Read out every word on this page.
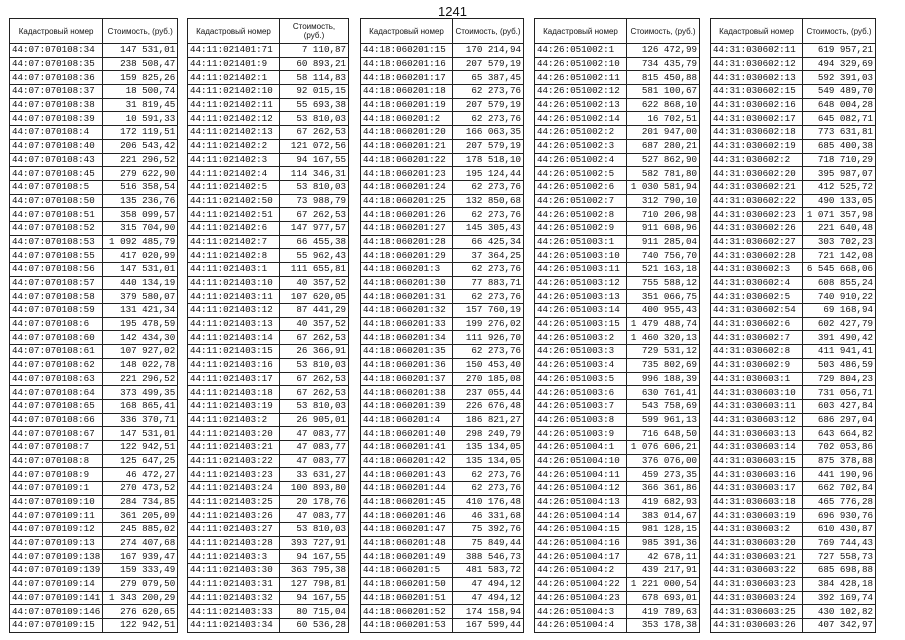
1241
Кадастровый номер	Стоимость, (руб.)
44:07:070108:34	147 531,01
44:07:070108:35	238 508,47
44:07:070108:36	159 825,26
44:07:070108:37	18 500,74
44:07:070108:38	31 819,45
44:07:070108:39	10 591,33
44:07:070108:4	172 119,51
44:07:070108:40	206 543,42
44:07:070108:43	221 296,52
44:07:070108:45	279 622,90
44:07:070108:5	516 358,54
44:07:070108:50	135 236,76
44:07:070108:51	358 099,57
44:07:070108:52	315 704,90
44:07:070108:53	1 092 485,79
44:07:070108:55	417 020,99
44:07:070108:56	147 531,01
44:07:070108:57	440 134,19
44:07:070108:58	379 580,07
44:07:070108:59	131 421,34
44:07:070108:6	195 478,59
44:07:070108:60	142 434,30
44:07:070108:61	107 927,02
44:07:070108:62	148 022,78
44:07:070108:63	221 296,52
44:07:070108:64	373 499,35
44:07:070108:65	168 865,41
44:07:070108:66	336 370,71
44:07:070108:67	147 531,01
44:07:070108:7	122 942,51
44:07:070108:8	125 647,25
44:07:070108:9	46 472,27
44:07:070109:1	270 473,52
44:07:070109:10	284 734,85
44:07:070109:11	361 205,09
44:07:070109:12	245 885,02
44:07:070109:13	274 407,68
44:07:070109:138	167 939,47
44:07:070109:139	159 333,49
44:07:070109:14	279 079,50
44:07:070109:141	1 343 200,29
44:07:070109:146	276 620,65
44:07:070109:15	122 942,51
Кадастровый номер	Стоимость, (руб.)
44:11:021401:71	7 110,87
44:11:021401:9	60 893,21
44:11:021402:1	58 114,83
44:11:021402:10	92 015,15
44:11:021402:11	55 693,38
44:11:021402:12	53 810,03
44:11:021402:13	67 262,53
44:11:021402:2	121 072,56
44:11:021402:3	94 167,55
44:11:021402:4	114 346,31
44:11:021402:5	53 810,03
44:11:021402:50	73 988,79
44:11:021402:51	67 262,53
44:11:021402:6	147 977,57
44:11:021402:7	66 455,38
44:11:021402:8	55 962,43
44:11:021403:1	111 655,81
44:11:021403:10	40 357,52
44:11:021403:11	107 620,05
44:11:021403:12	87 441,29
44:11:021403:13	40 357,52
44:11:021403:14	67 262,53
44:11:021403:15	26 366,91
44:11:021403:16	53 810,03
44:11:021403:17	67 262,53
44:11:021403:18	67 262,53
44:11:021403:19	53 810,03
44:11:021403:2	26 905,01
44:11:021403:20	47 083,77
44:11:021403:21	47 083,77
44:11:021403:22	47 083,77
44:11:021403:23	33 631,27
44:11:021403:24	100 893,80
44:11:021403:25	20 178,76
44:11:021403:26	47 083,77
44:11:021403:27	53 810,03
44:11:021403:28	393 727,91
44:11:021403:3	94 167,55
44:11:021403:30	363 795,38
44:11:021403:31	127 798,81
44:11:021403:32	94 167,55
44:11:021403:33	80 715,04
44:11:021403:34	60 536,28
Кадастровый номер	Стоимость, (руб.)
44:18:060201:15	170 214,94
44:18:060201:16	207 579,19
44:18:060201:17	65 387,45
44:18:060201:18	62 273,76
44:18:060201:19	207 579,19
44:18:060201:2	62 273,76
44:18:060201:20	166 063,35
44:18:060201:21	207 579,19
44:18:060201:22	178 518,10
44:18:060201:23	195 124,44
44:18:060201:24	62 273,76
44:18:060201:25	132 850,68
44:18:060201:26	62 273,76
44:18:060201:27	145 305,43
44:18:060201:28	66 425,34
44:18:060201:29	37 364,25
44:18:060201:3	62 273,76
44:18:060201:30	77 883,71
44:18:060201:31	62 273,76
44:18:060201:32	157 760,19
44:18:060201:33	199 276,02
44:18:060201:34	111 926,70
44:18:060201:35	62 273,76
44:18:060201:36	150 453,40
44:18:060201:37	270 185,08
44:18:060201:38	237 055,44
44:18:060201:39	226 676,48
44:18:060201:4	186 821,27
44:18:060201:40	298 249,79
44:18:060201:41	135 134,05
44:18:060201:42	135 134,05
44:18:060201:43	62 273,76
44:18:060201:44	62 273,76
44:18:060201:45	410 176,48
44:18:060201:46	46 331,68
44:18:060201:47	75 392,76
44:18:060201:48	75 849,44
44:18:060201:49	388 546,73
44:18:060201:5	481 583,72
44:18:060201:50	47 494,12
44:18:060201:51	47 494,12
44:18:060201:52	174 158,94
44:18:060201:53	167 599,44
Кадастровый номер	Стоимость, (руб.)
44:26:051002:1	126 472,99
44:26:051002:10	734 435,79
44:26:051002:11	815 450,88
44:26:051002:12	581 100,67
44:26:051002:13	622 868,10
44:26:051002:14	16 702,51
44:26:051002:2	201 947,00
44:26:051002:3	687 280,21
44:26:051002:4	527 862,90
44:26:051002:5	582 781,80
44:26:051002:6	1 030 581,94
44:26:051002:7	312 790,10
44:26:051002:8	710 206,98
44:26:051002:9	911 608,96
44:26:051003:1	911 285,04
44:26:051003:10	740 756,70
44:26:051003:11	521 163,18
44:26:051003:12	755 588,12
44:26:051003:13	351 066,75
44:26:051003:14	400 955,43
44:26:051003:15	1 479 488,74
44:26:051003:2	1 460 320,13
44:26:051003:3	729 531,12
44:26:051003:4	735 802,69
44:26:051003:5	996 188,39
44:26:051003:6	630 761,41
44:26:051003:7	543 758,69
44:26:051003:8	599 961,13
44:26:051003:9	716 648,50
44:26:051004:1	1 076 606,21
44:26:051004:10	376 076,00
44:26:051004:11	459 273,35
44:26:051004:12	366 361,86
44:26:051004:13	419 682,93
44:26:051004:14	383 014,67
44:26:051004:15	981 128,15
44:26:051004:16	985 391,36
44:26:051004:17	42 678,11
44:26:051004:2	439 217,91
44:26:051004:22	1 221 000,54
44:26:051004:23	678 693,01
44:26:051004:3	419 789,63
44:26:051004:4	353 178,38
Кадастровый номер	Стоимость, (руб.)
44:31:030602:11	619 957,21
44:31:030602:12	494 329,69
44:31:030602:13	592 391,03
44:31:030602:15	549 489,70
44:31:030602:16	648 004,28
44:31:030602:17	645 082,71
44:31:030602:18	773 631,81
44:31:030602:19	685 400,38
44:31:030602:2	718 710,29
44:31:030602:20	395 987,07
44:31:030602:21	412 525,72
44:31:030602:22	490 133,05
44:31:030602:23	1 071 357,98
44:31:030602:26	221 640,48
44:31:030602:27	303 702,23
44:31:030602:28	721 142,08
44:31:030602:3	6 545 668,06
44:31:030602:4	608 855,24
44:31:030602:5	740 910,22
44:31:030602:54	69 168,94
44:31:030602:6	602 427,79
44:31:030602:7	391 490,42
44:31:030602:8	411 941,41
44:31:030602:9	503 486,59
44:31:030603:1	729 804,23
44:31:030603:10	731 056,71
44:31:030603:11	603 427,84
44:31:030603:12	686 297,04
44:31:030603:13	643 664,82
44:31:030603:14	702 053,86
44:31:030603:15	875 378,88
44:31:030603:16	441 190,96
44:31:030603:17	662 702,84
44:31:030603:18	465 776,28
44:31:030603:19	696 930,76
44:31:030603:2	610 430,87
44:31:030603:20	769 744,43
44:31:030603:21	727 558,73
44:31:030603:22	685 698,88
44:31:030603:23	384 428,18
44:31:030603:24	392 169,74
44:31:030603:25	430 102,82
44:31:030603:26	407 342,97
